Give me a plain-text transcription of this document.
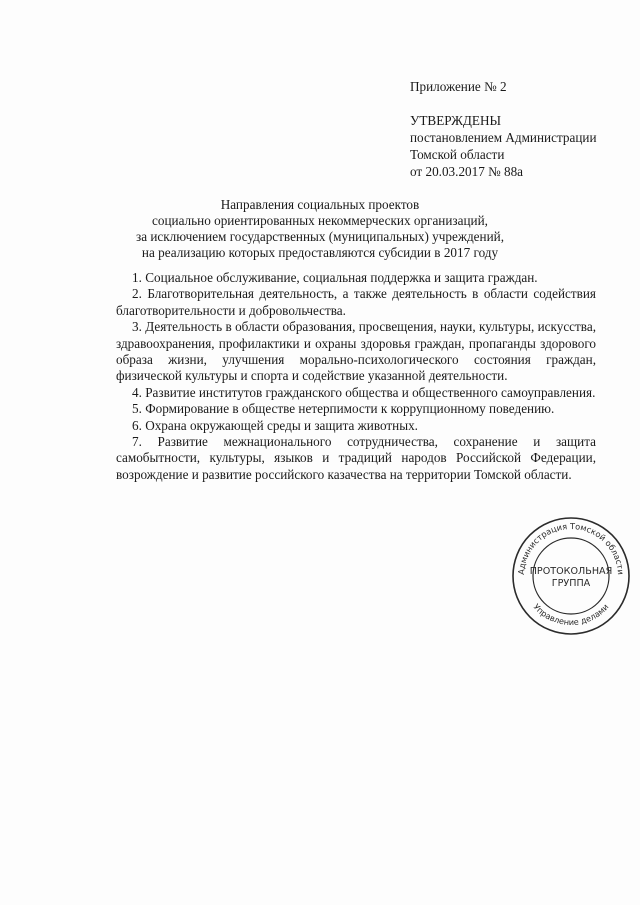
Приложение № 2
УТВЕРЖДЕНЫ
постановлением Администрации
Томской области
от 20.03.2017 № 88а
Направления социальных проектов
социально ориентированных некоммерческих организаций,
за исключением государственных (муниципальных) учреждений,
на реализацию которых предоставляются субсидии в 2017 году

1. Социальное обслуживание, социальная поддержка и защита граждан.

2. Благотворительная деятельность, а также деятельность в области содействия благотворительности и добровольчества.

3. Деятельность в области образования, просвещения, науки, культуры, искусства, здравоохранения, профилактики и охраны здоровья граждан, пропаганды здорового образа жизни, улучшения морально-психологического состояния граждан, физической культуры и спорта и содействие указанной деятельности.

4. Развитие институтов гражданского общества и общественного самоуправления.

5. Формирование в обществе нетерпимости к коррупционному поведению.

6. Охрана окружающей среды и защита животных.

7. Развитие межнационального сотрудничества, сохранение и защита самобытности, культуры, языков и традиций народов Российской Федерации, возрождение и развитие российского казачества на территории Томской области.

Администрация Томской области
Управление делами
ПРОТОКОЛЬНАЯ
ГРУППА
